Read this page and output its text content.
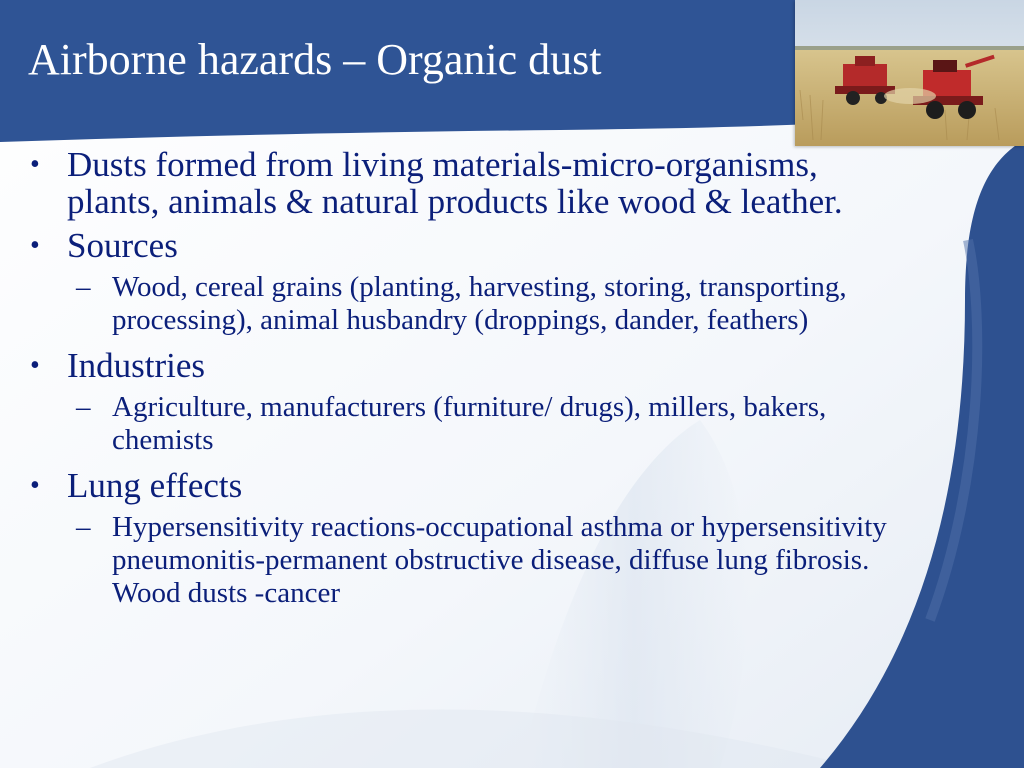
Airborne hazards – Organic dust
• Dusts formed from living materials-micro-organisms, plants, animals & natural products like wood & leather.
• Sources
– Wood, cereal grains (planting, harvesting, storing, transporting, processing), animal husbandry (droppings, dander, feathers)
• Industries
– Agriculture, manufacturers (furniture/ drugs), millers, bakers, chemists
• Lung effects
– Hypersensitivity reactions-occupational asthma or hypersensitivity pneumonitis-permanent obstructive disease, diffuse lung fibrosis. Wood dusts -cancer
